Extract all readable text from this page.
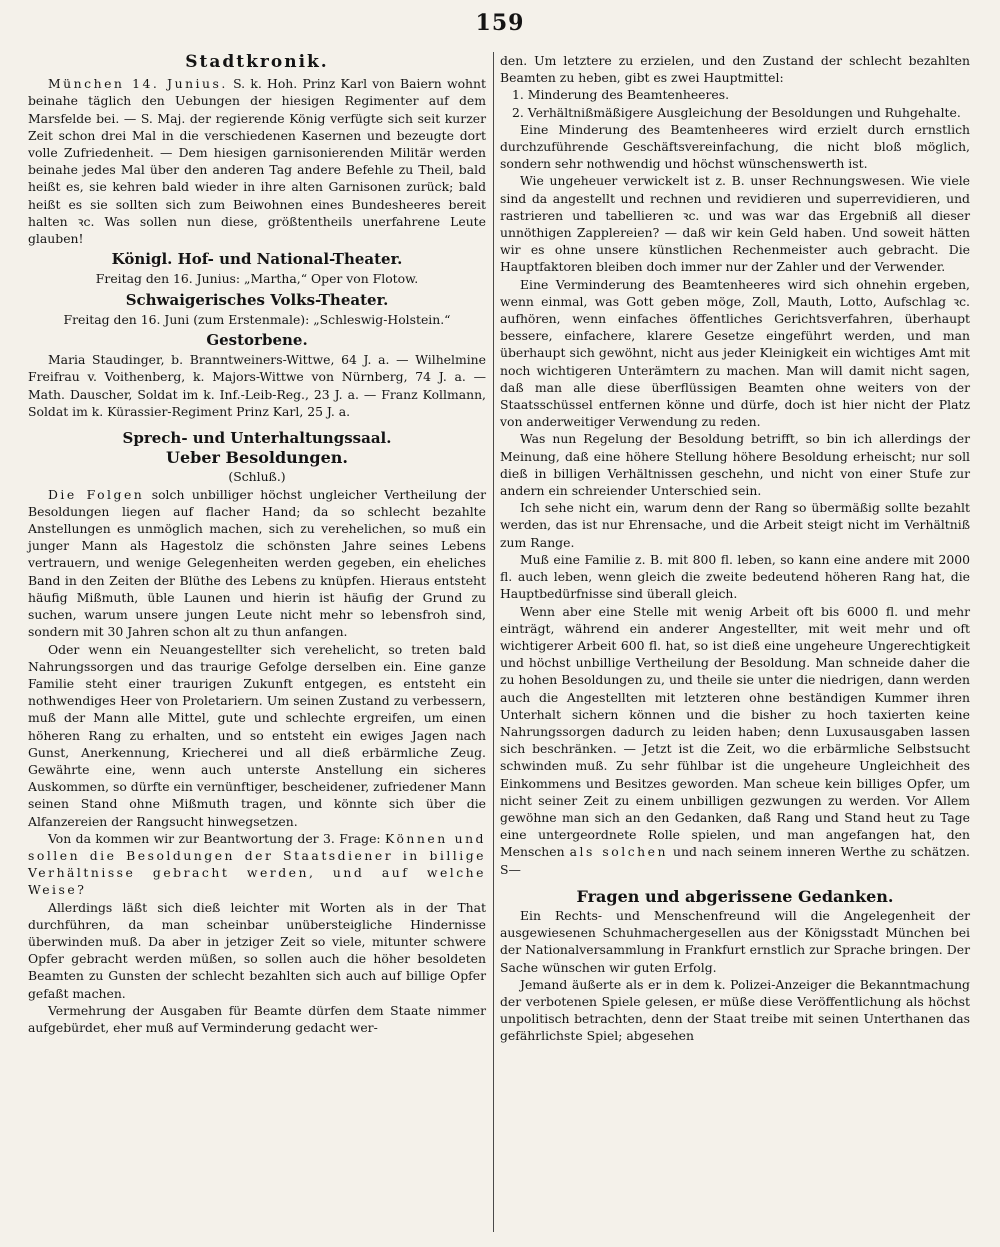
159
Stadtkronik.

München 14. Junius. S. k. Hoh. Prinz Karl von Baiern wohnt beinahe täglich den Uebungen der hiesigen Regimenter auf dem Marsfelde bei. — S. Maj. der regierende König verfügte sich seit kurzer Zeit schon drei Mal in die verschiedenen Kasernen und bezeugte dort volle Zufriedenheit. — Dem hiesigen garnisonierenden Militär werden beinahe jedes Mal über den anderen Tag andere Befehle zu Theil, bald heißt es, sie kehren bald wieder in ihre alten Garnisonen zurück; bald heißt es sie sollten sich zum Beiwohnen eines Bundesheeres bereit halten ꝛc. Was sollen nun diese, größtentheils unerfahrene Leute glauben!

Königl. Hof- und National-Theater.

Freitag den 16. Junius: „Martha,“ Oper von Flotow.

Schwaigerisches Volks-Theater.

Freitag den 16. Juni (zum Erstenmale): „Schleswig-Holstein.“

Gestorbene.

Maria Staudinger, b. Branntweiners-Wittwe, 64 J. a. — Wilhelmine Freifrau v. Voithenberg, k. Majors-Wittwe von Nürnberg, 74 J. a. — Math. Dauscher, Soldat im k. Inf.-Leib-Reg., 23 J. a. — Franz Kollmann, Soldat im k. Kürassier-Regiment Prinz Karl, 25 J. a.

Sprech- und Unterhaltungssaal.
Ueber Besoldungen.

(Schluß.)

Die Folgen solch unbilliger höchst ungleicher Vertheilung der Besoldungen liegen auf flacher Hand; da so schlecht bezahlte Anstellungen es unmöglich machen, sich zu verehelichen, so muß ein junger Mann als Hagestolz die schönsten Jahre seines Lebens vertrauern, und wenige Gelegenheiten werden gegeben, ein eheliches Band in den Zeiten der Blüthe des Lebens zu knüpfen. Hieraus entsteht häufig Mißmuth, üble Launen und hierin ist häufig der Grund zu suchen, warum unsere jungen Leute nicht mehr so lebensfroh sind, sondern mit 30 Jahren schon alt zu thun anfangen.

Oder wenn ein Neuangestellter sich verehelicht, so treten bald Nahrungssorgen und das traurige Gefolge derselben ein. Eine ganze Familie steht einer traurigen Zukunft entgegen, es entsteht ein nothwendiges Heer von Proletariern. Um seinen Zustand zu verbessern, muß der Mann alle Mittel, gute und schlechte ergreifen, um einen höheren Rang zu erhalten, und so entsteht ein ewiges Jagen nach Gunst, Anerkennung, Kriecherei und all dieß erbärmliche Zeug. Gewährte eine, wenn auch unterste Anstellung ein sicheres Auskommen, so dürfte ein vernünftiger, bescheidener, zufriedener Mann seinen Stand ohne Mißmuth tragen, und könnte sich über die Alfanzereien der Rangsucht hinwegsetzen.

Von da kommen wir zur Beantwortung der 3. Frage: Können und sollen die Besoldungen der Staatsdiener in billige Verhältnisse gebracht werden, und auf welche Weise?

Allerdings läßt sich dieß leichter mit Worten als in der That durchführen, da man scheinbar unübersteigliche Hindernisse überwinden muß. Da aber in jetziger Zeit so viele, mitunter schwere Opfer gebracht werden müßen, so sollen auch die höher besoldeten Beamten zu Gunsten der schlecht bezahlten sich auch auf billige Opfer gefaßt machen.

Vermehrung der Ausgaben für Beamte dürfen dem Staate nimmer aufgebürdet, eher muß auf Verminderung gedacht wer-

den. Um letztere zu erzielen, und den Zustand der schlecht bezahlten Beamten zu heben, gibt es zwei Hauptmittel:

1. Minderung des Beamtenheeres.

2. Verhältnißmäßigere Ausgleichung der Besoldungen und Ruhgehalte.

Eine Minderung des Beamtenheeres wird erzielt durch ernstlich durchzuführende Geschäftsvereinfachung, die nicht bloß möglich, sondern sehr nothwendig und höchst wünschenswerth ist.

Wie ungeheuer verwickelt ist z. B. unser Rechnungswesen. Wie viele sind da angestellt und rechnen und revidieren und superrevidieren, und rastrieren und tabellieren ꝛc. und was war das Ergebniß all dieser unnöthigen Zapplereien? — daß wir kein Geld haben. Und soweit hätten wir es ohne unsere künstlichen Rechenmeister auch gebracht. Die Hauptfaktoren bleiben doch immer nur der Zahler und der Verwender.

Eine Verminderung des Beamtenheeres wird sich ohnehin ergeben, wenn einmal, was Gott geben möge, Zoll, Mauth, Lotto, Aufschlag ꝛc. aufhören, wenn einfaches öffentliches Gerichtsverfahren, überhaupt bessere, einfachere, klarere Gesetze eingeführt werden, und man überhaupt sich gewöhnt, nicht aus jeder Kleinigkeit ein wichtiges Amt mit noch wichtigeren Unterämtern zu machen. Man will damit nicht sagen, daß man alle diese überflüssigen Beamten ohne weiters von der Staatsschüssel entfernen könne und dürfe, doch ist hier nicht der Platz von anderweitiger Verwendung zu reden.

Was nun Regelung der Besoldung betrifft, so bin ich allerdings der Meinung, daß eine höhere Stellung höhere Besoldung erheischt; nur soll dieß in billigen Verhältnissen geschehn, und nicht von einer Stufe zur andern ein schreiender Unterschied sein.

Ich sehe nicht ein, warum denn der Rang so übermäßig sollte bezahlt werden, das ist nur Ehrensache, und die Arbeit steigt nicht im Verhältniß zum Range.

Muß eine Familie z. B. mit 800 fl. leben, so kann eine andere mit 2000 fl. auch leben, wenn gleich die zweite bedeutend höheren Rang hat, die Hauptbedürfnisse sind überall gleich.

Wenn aber eine Stelle mit wenig Arbeit oft bis 6000 fl. und mehr einträgt, während ein anderer Angestellter, mit weit mehr und oft wichtigerer Arbeit 600 fl. hat, so ist dieß eine ungeheure Ungerechtigkeit und höchst unbillige Vertheilung der Besoldung. Man schneide daher die zu hohen Besoldungen zu, und theile sie unter die niedrigen, dann werden auch die Angestellten mit letzteren ohne beständigen Kummer ihren Unterhalt sichern können und die bisher zu hoch taxierten keine Nahrungssorgen dadurch zu leiden haben; denn Luxusausgaben lassen sich beschränken. — Jetzt ist die Zeit, wo die erbärmliche Selbstsucht schwinden muß. Zu sehr fühlbar ist die ungeheure Ungleichheit des Einkommens und Besitzes geworden. Man scheue kein billiges Opfer, um nicht seiner Zeit zu einem unbilligen gezwungen zu werden. Vor Allem gewöhne man sich an den Gedanken, daß Rang und Stand heut zu Tage eine untergeordnete Rolle spielen, und man angefangen hat, den Menschen als solchen und nach seinem inneren Werthe zu schätzen. S—

Fragen und abgerissene Gedanken.

Ein Rechts- und Menschenfreund will die Angelegenheit der ausgewiesenen Schuhmachergesellen aus der Königsstadt München bei der Nationalversammlung in Frankfurt ernstlich zur Sprache bringen. Der Sache wünschen wir guten Erfolg.

Jemand äußerte als er in dem k. Polizei-Anzeiger die Bekanntmachung der verbotenen Spiele gelesen, er müße diese Veröffentlichung als höchst unpolitisch betrachten, denn der Staat treibe mit seinen Unterthanen das gefährlichste Spiel; abgesehen
